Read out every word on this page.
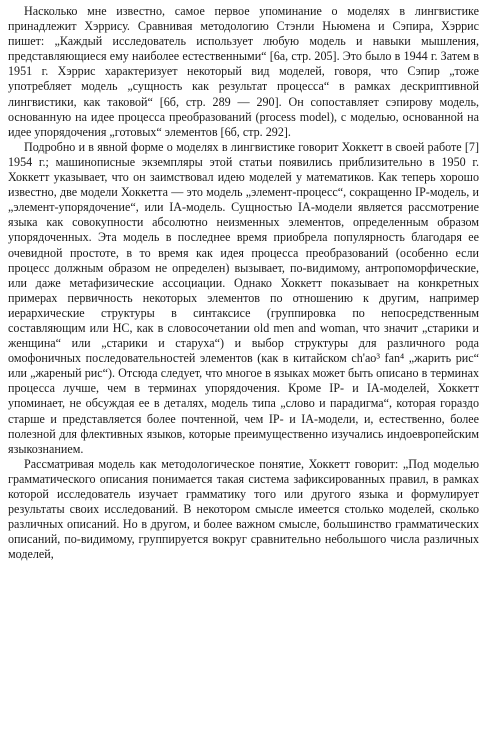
Насколько мне известно, самое первое упоминание о моделях в лингвистике принадлежит Хэррису. Сравнивая методологию Стэнли Ньюмена и Сэпира, Хэррис пишет: „Каждый исследователь использует любую модель и навыки мышления, представляющиеся ему наиболее естественными“ [6а, стр. 205]. Это было в 1944 г. Затем в 1951 г. Хэррис характеризует некоторый вид моделей, говоря, что Сэпир „тоже употребляет модель „сущность как результат процесса“ в рамках дескриптивной лингвистики, как таковой“ [6б, стр. 289 — 290]. Он сопоставляет сэпирову модель, основанную на идее процесса преобразований (process model), с моделью, основанной на идее упорядочения „готовых“ элементов [6б, стр. 292].

Подробно и в явной форме о моделях в лингвистике говорит Хоккетт в своей работе [7] 1954 г.; машинописные экземпляры этой статьи появились приблизительно в 1950 г. Хоккетт указывает, что он заимствовал идею моделей у математиков. Как теперь хорошо известно, две модели Хоккетта — это модель „элемент-процесс“, сокращенно IP-модель, и „элемент-упорядочение“, или IA-модель. Сущностью IA-модели является рассмотрение языка как совокупности абсолютно неизменных элементов, определенным образом упорядоченных. Эта модель в последнее время приобрела популярность благодаря ее очевидной простоте, в то время как идея процесса преобразований (особенно если процесс должным образом не определен) вызывает, по-видимому, антропоморфические, или даже метафизические ассоциации. Однако Хоккетт показывает на конкретных примерах первичность некоторых элементов по отношению к другим, например иерархические структуры в синтаксисе (группировка по непосредственным составляющим или НС, как в словосочетании old men and woman, что значит „старики и женщина“ или „старики и старуха“) и выбор структуры для различного рода омофоничных последовательностей элементов (как в китайском ch'ao³ fan⁴ „жарить рис“ или „жареный рис“). Отсюда следует, что многое в языках может быть описано в терминах процесса лучше, чем в терминах упорядочения. Кроме IP- и IA-моделей, Хоккетт упоминает, не обсуждая ее в деталях, модель типа „слово и парадигма“, которая гораздо старше и представляется более почтенной, чем IP- и IA-модели, и, естественно, более полезной для флективных языков, которые преимущественно изучались индоевропейским языкознанием.

Рассматривая модель как методологическое понятие, Хоккетт говорит: „Под моделью грамматического описания понимается такая система зафиксированных правил, в рамках которой исследователь изучает грамматику того или другого языка и формулирует результаты своих исследований. В некотором смысле имеется столько моделей, сколько различных описаний. Но в другом, и более важном смысле, большинство грамматических описаний, по-видимому, группируется вокруг сравнительно небольшого числа различных моделей,
